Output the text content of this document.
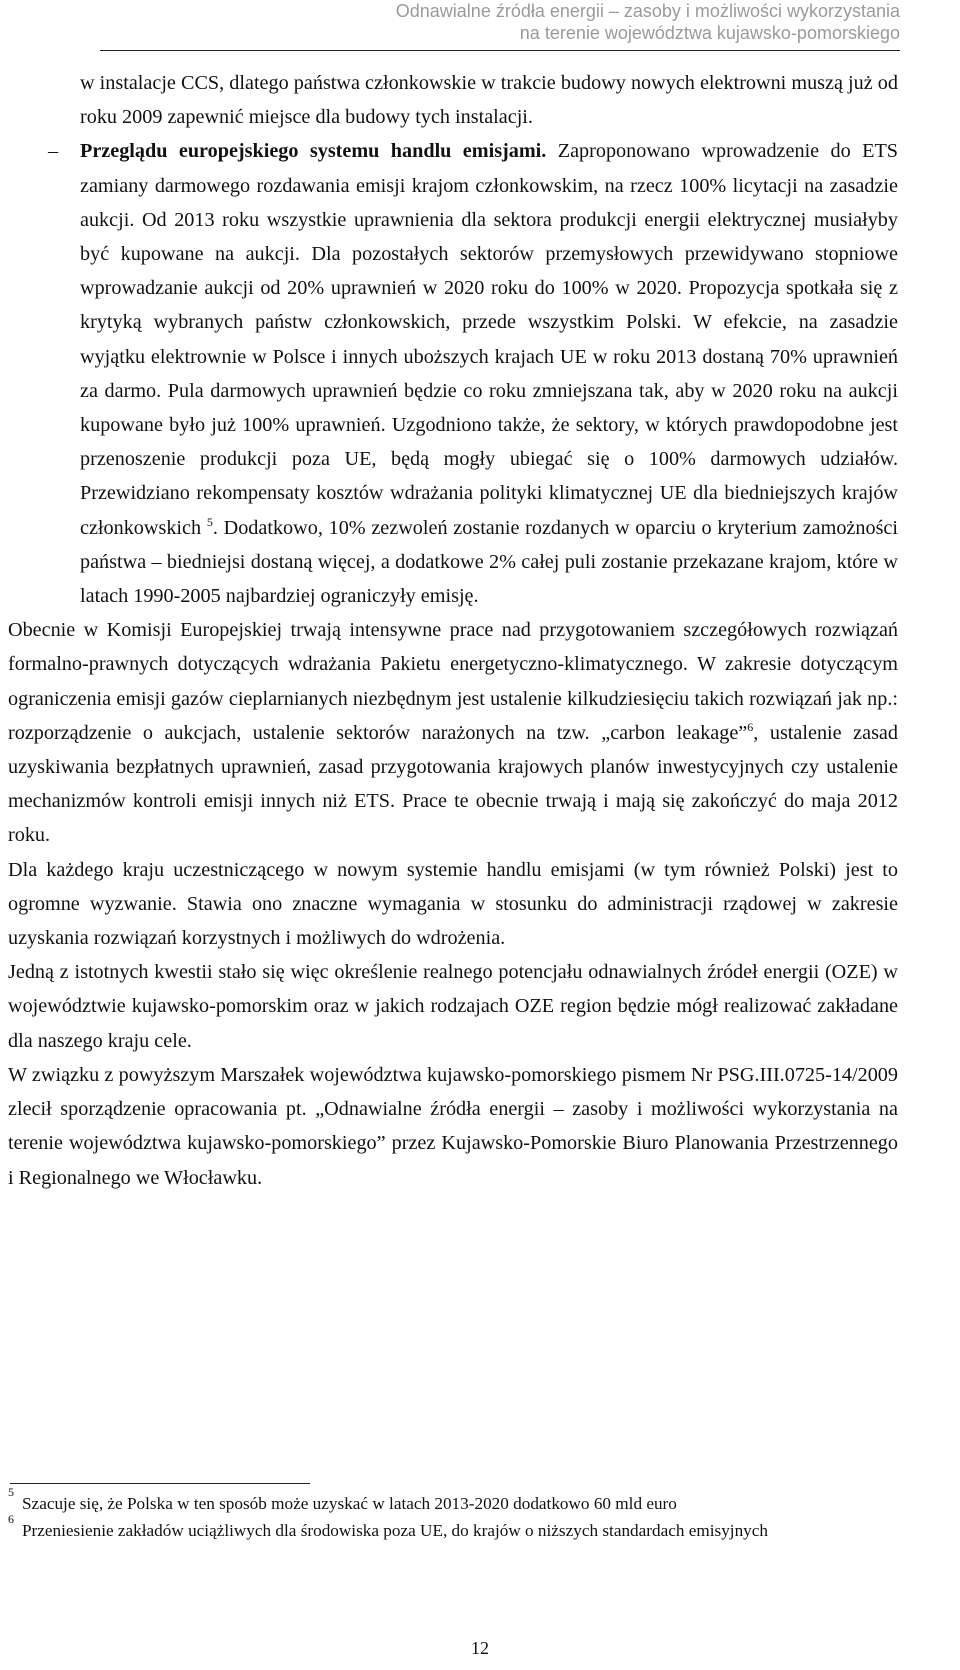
Odnawialne źródła energii – zasoby i możliwości wykorzystania
na terenie województwa kujawsko-pomorskiego

w instalacje CCS, dlatego państwa członkowskie w trakcie budowy nowych elektrowni muszą już od roku 2009 zapewnić miejsce dla budowy tych instalacji.

– Przeglądu europejskiego systemu handlu emisjami. Zaproponowano wprowadzenie do ETS zamiany darmowego rozdawania emisji krajom członkowskim, na rzecz 100% licytacji na zasadzie aukcji. Od 2013 roku wszystkie uprawnienia dla sektora produkcji energii elektrycznej musiałyby być kupowane na aukcji. Dla pozostałych sektorów przemysłowych przewidywano stopniowe wprowadzanie aukcji od 20% uprawnień w 2020 roku do 100% w 2020. Propozycja spotkała się z krytyką wybranych państw członkowskich, przede wszystkim Polski. W efekcie, na zasadzie wyjątku elektrownie w Polsce i innych uboższych krajach UE w roku 2013 dostaną 70% uprawnień za darmo. Pula darmowych uprawnień będzie co roku zmniejszana tak, aby w 2020 roku na aukcji kupowane było już 100% uprawnień. Uzgodniono także, że sektory, w których prawdopodobne jest przenoszenie produkcji poza UE, będą mogły ubiegać się o 100% darmowych udziałów. Przewidziano rekompensaty kosztów wdrażania polityki klimatycznej UE dla biedniejszych krajów członkowskich $^5$. Dodatkowo, 10% zezwoleń zostanie rozdanych w oparciu o kryterium zamożności państwa – biedniejsi dostaną więcej, a dodatkowe 2% całej puli zostanie przekazane krajom, które w latach 1990-2005 najbardziej ograniczyły emisję.

Obecnie w Komisji Europejskiej trwają intensywne prace nad przygotowaniem szczegółowych rozwiązań formalno-prawnych dotyczących wdrażania Pakietu energetyczno-klimatycznego. W zakresie dotyczącym ograniczenia emisji gazów cieplarnianych niezbędnym jest ustalenie kilkudziesięciu takich rozwiązań jak np.: rozporządzenie o aukcjach, ustalenie sektorów narażonych na tzw. „carbon leakage”$^6$, ustalenie zasad uzyskiwania bezpłatnych uprawnień, zasad przygotowania krajowych planów inwestycyjnych czy ustalenie mechanizmów kontroli emisji innych niż ETS. Prace te obecnie trwają i mają się zakończyć do maja 2012 roku.

Dla każdego kraju uczestniczącego w nowym systemie handlu emisjami (w tym również Polski) jest to ogromne wyzwanie. Stawia ono znaczne wymagania w stosunku do administracji rządowej w zakresie uzyskania rozwiązań korzystnych i możliwych do wdrożenia.

Jedną z istotnych kwestii stało się więc określenie realnego potencjału odnawialnych źródeł energii (OZE) w województwie kujawsko-pomorskim oraz w jakich rodzajach OZE region będzie mógł realizować zakładane dla naszego kraju cele.

W związku z powyższym Marszałek województwa kujawsko-pomorskiego pismem Nr PSG.III.0725-14/2009 zlecił sporządzenie opracowania pt. „Odnawialne źródła energii – zasoby i możliwości wykorzystania na terenie województwa kujawsko-pomorskiego” przez Kujawsko-Pomorskie Biuro Planowania Przestrzennego i Regionalnego we Włocławku.

5
Szacuje się, że Polska w ten sposób może uzyskać w latach 2013-2020 dodatkowo 60 mld euro
6
Przeniesienie zakładów uciążliwych dla środowiska poza UE, do krajów o niższych standardach emisyjnych
12
